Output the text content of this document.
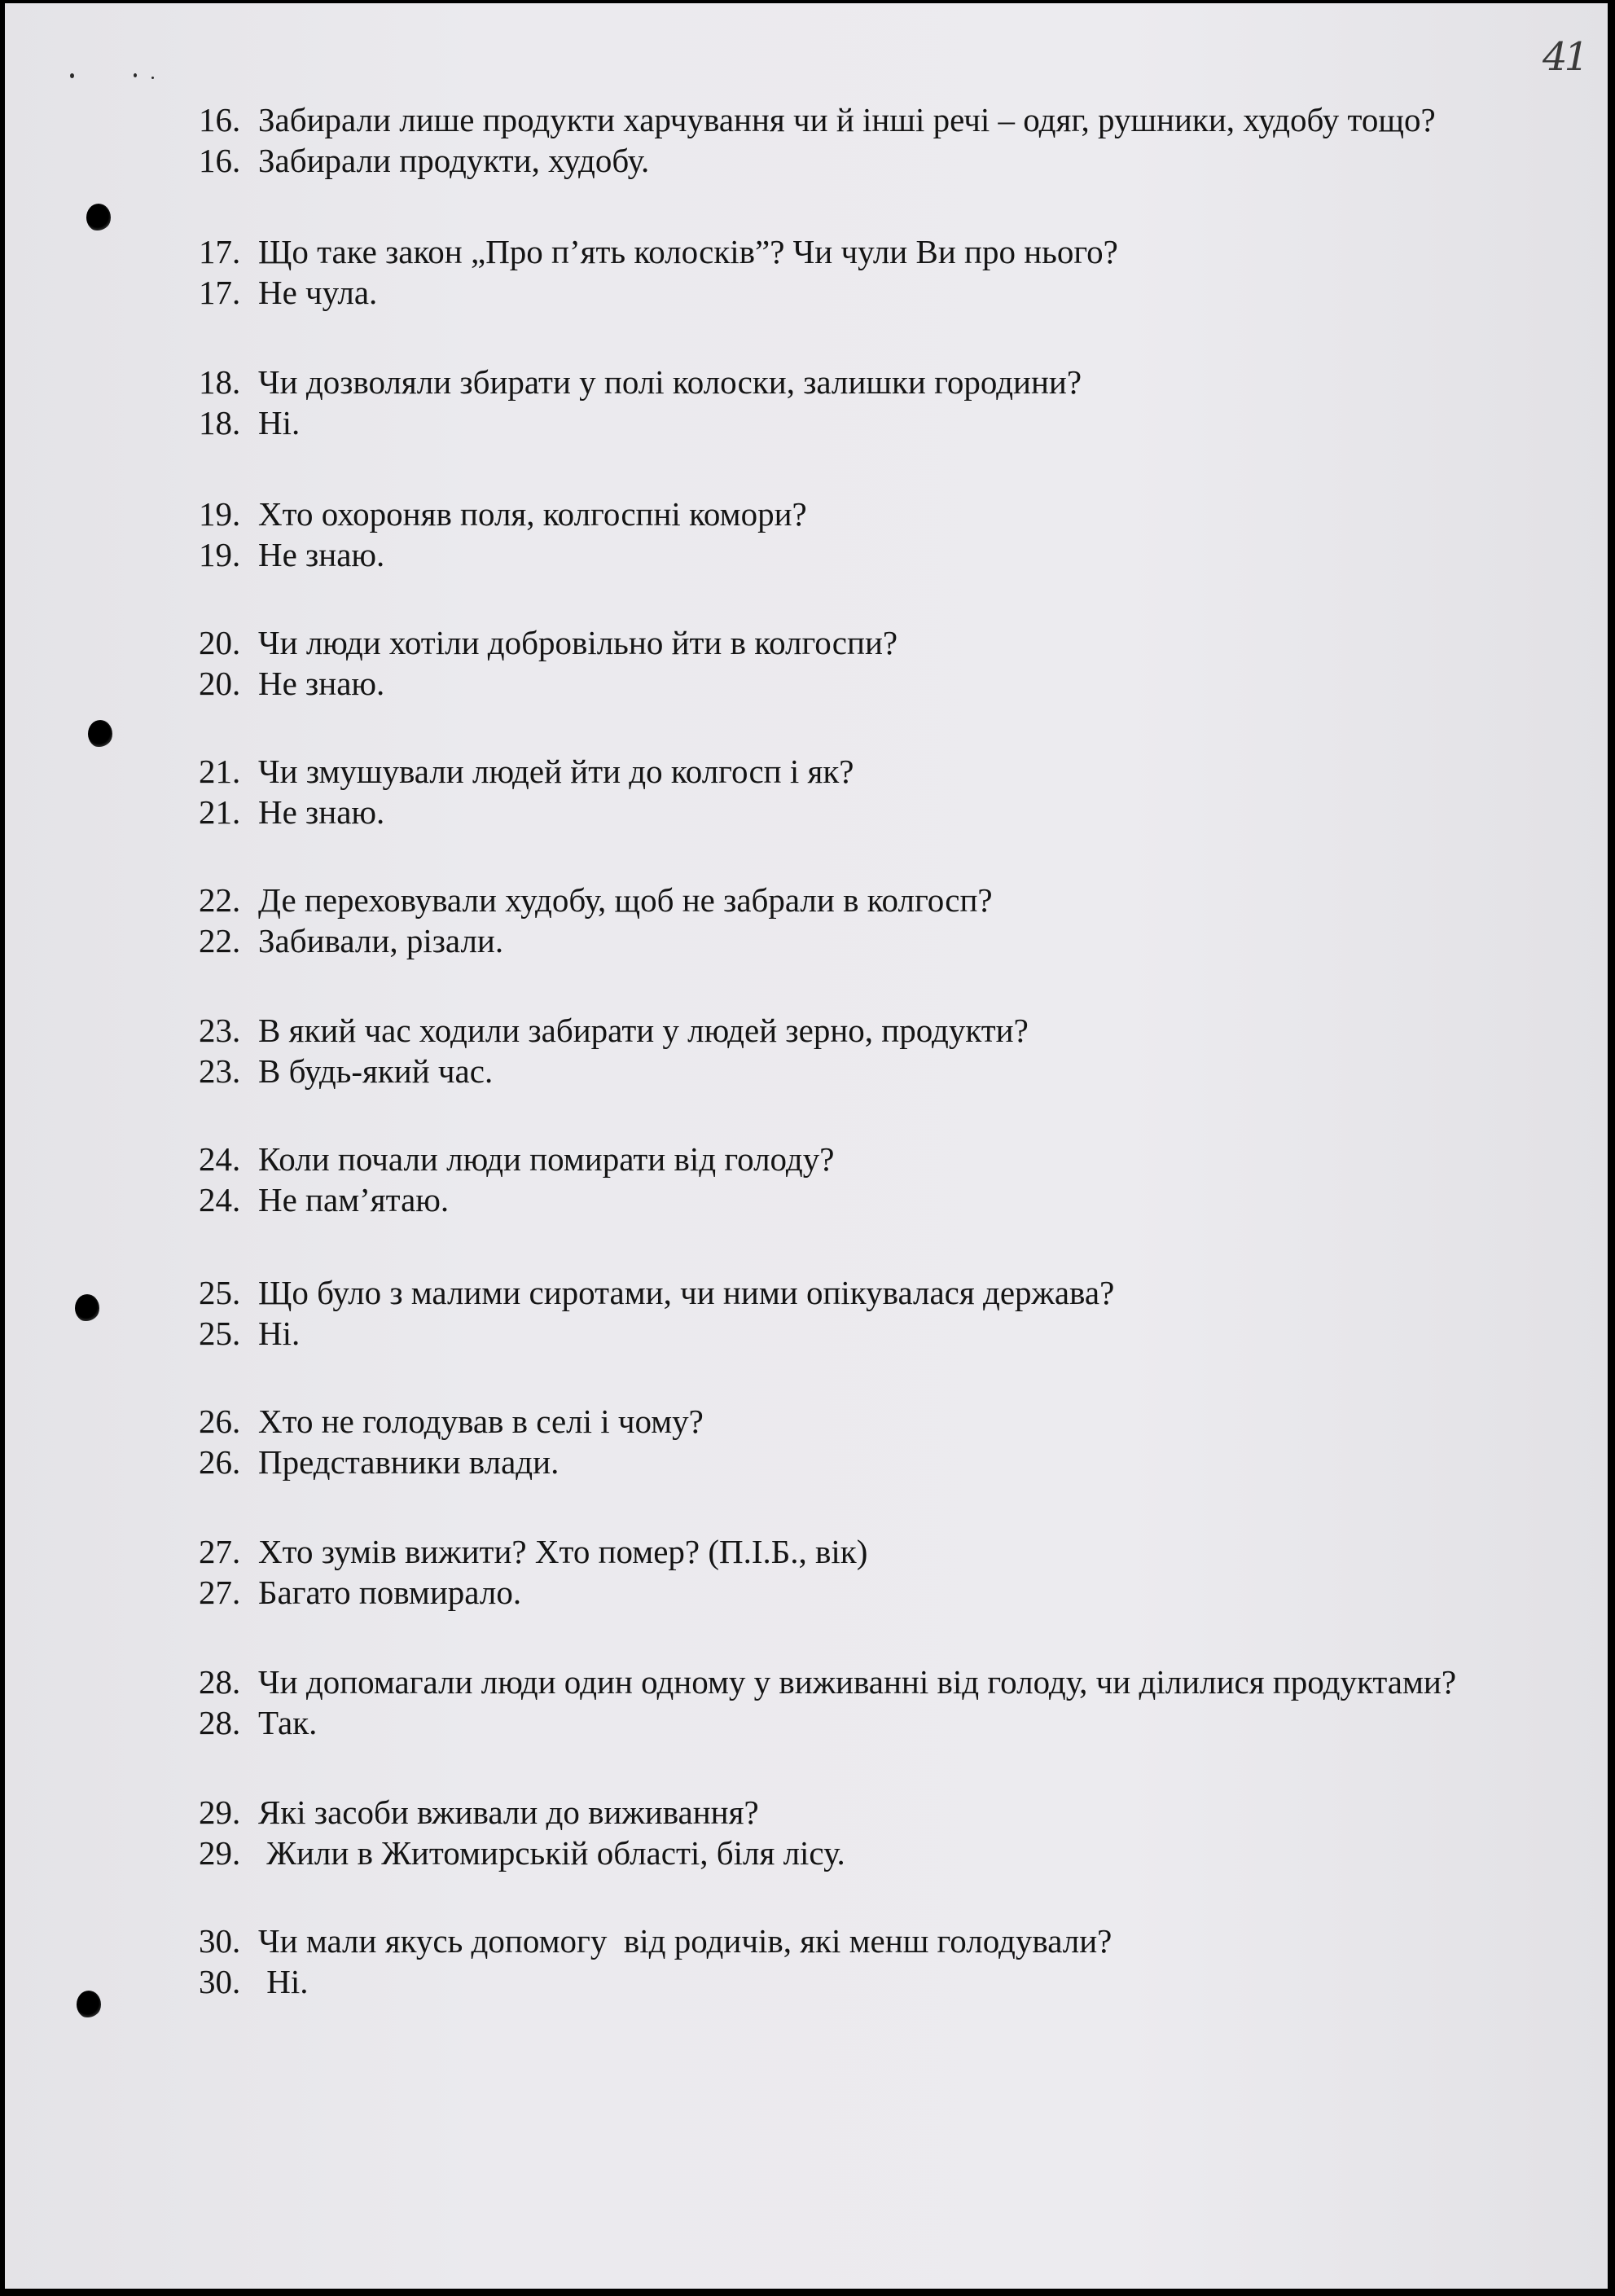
41

16. Забирали лише продукти харчування чи й інші речі – одяг, рушники, худобу тощо?

16. Забирали продукти, худобу.

17. Що таке закон „Про п’ять колосків”? Чи чули Ви про нього?

17. Не чула.

18. Чи дозволяли збирати у полі колоски, залишки городини?

18. Ні.

19. Хто охороняв поля, колгоспні комори?

19. Не знаю.

20. Чи люди хотіли добровільно йти в колгоспи?

20. Не знаю.

21. Чи змушували людей йти до колгосп і як?

21. Не знаю.

22. Де переховували худобу, щоб не забрали в колгосп?

22. Забивали, різали.

23. В який час ходили забирати у людей зерно, продукти?

23. В будь-який час.

24. Коли почали люди помирати від голоду?

24. Не пам’ятаю.

25. Що було з малими сиротами, чи ними опікувалася держава?

25. Ні.

26. Хто не голодував в селі і чому?

26. Представники влади.

27. Хто зумів вижити? Хто помер? (П.І.Б., вік)

27. Багато повмирало.

28. Чи допомагали люди один одному у виживанні від голоду, чи ділилися продуктами?

28. Так.

29. Які засоби вживали до виживання?

29. Жили в Житомирській області, біля лісу.

30. Чи мали якусь допомогу  від родичів, які менш голодували?

30. Ні.
